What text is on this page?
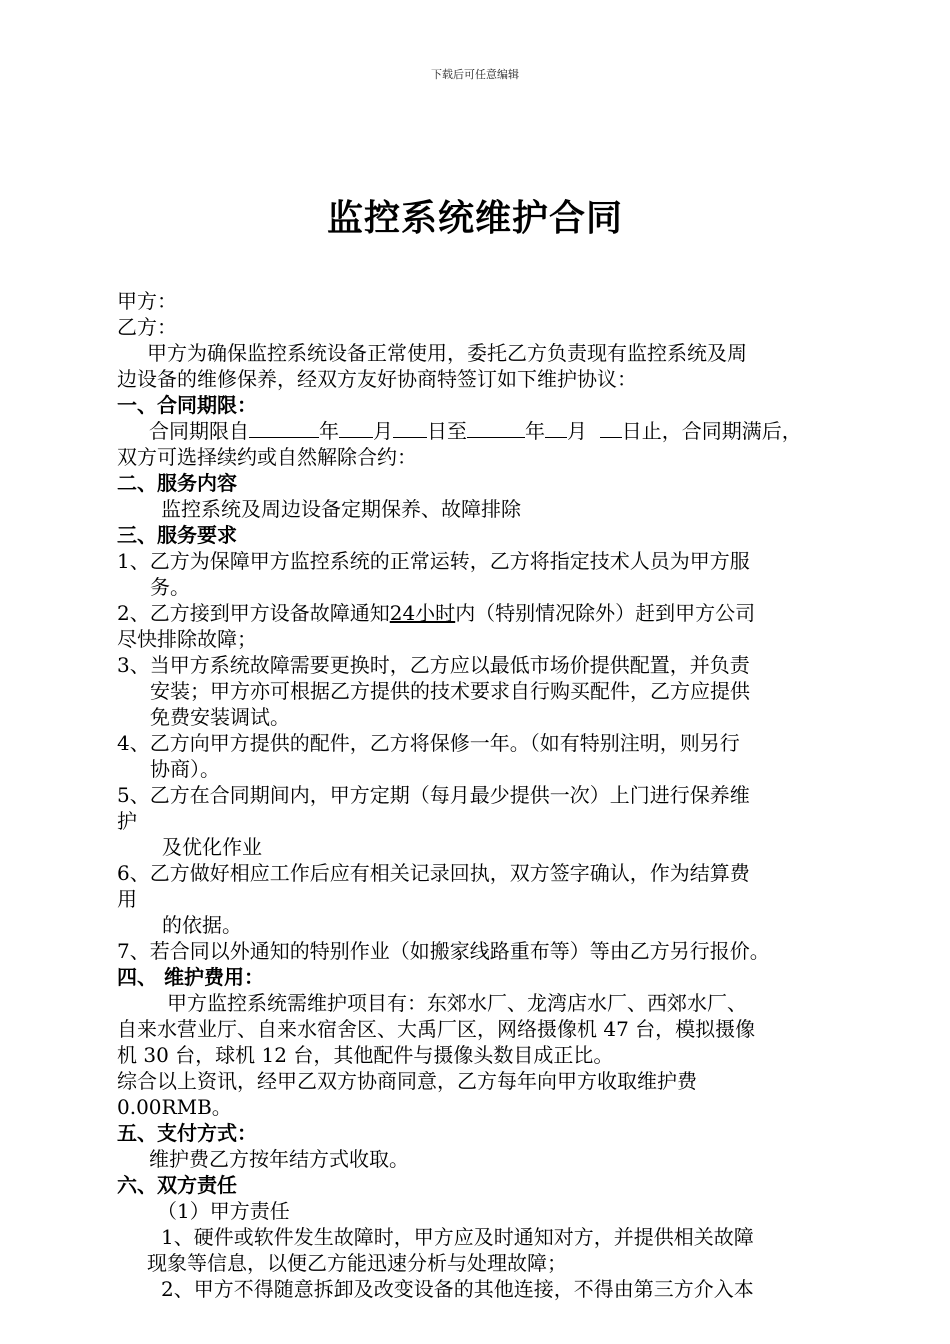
下载后可任意编辑
监控系统维护合同
甲方：
乙方：
甲方为确保监控系统设备正常使用，委托乙方负责现有监控系统及周
边设备的维修保养，经双方友好协商特签订如下维护协议：
一、合同期限：
合同期限自	年 月 日至	年 月 日止，合同期满后，
双方可选择续约或自然解除合约：
二、服务内容
监控系统及周边设备定期保养、故障排除
三、服务要求
1、乙方为保障甲方监控系统的正常运转，乙方将指定技术人员为甲方服
务。
2、乙方接到甲方设备故障通知24小时内（特别情况除外）赶到甲方公司
尽快排除故障；
3、当甲方系统故障需要更换时，乙方应以最低市场价提供配置，并负责
安装；甲方亦可根据乙方提供的技术要求自行购买配件，乙方应提供
免费安装调试。
4、乙方向甲方提供的配件，乙方将保修一年。（如有特别注明，则另行
协商）。
5、乙方在合同期间内，甲方定期（每月最少提供一次）上门进行保养维
护
及优化作业
6、乙方做好相应工作后应有相关记录回执，双方签字确认，作为结算费
用
的依据。
7、若合同以外通知的特别作业（如搬家线路重布等）等由乙方另行报价。
四、 维护费用：
甲方监控系统需维护项目有：东郊水厂、龙湾店水厂、西郊水厂、
自来水营业厅、自来水宿舍区、大禹厂区，网络摄像机 47 台，模拟摄像
机 30 台，球机 12 台，其他配件与摄像头数目成正比。
综合以上资讯，经甲乙双方协商同意，乙方每年向甲方收取维护费
0.00RMB。
五、支付方式：
维护费乙方按年结方式收取。
六、双方责任
（1）甲方责任
1、硬件或软件发生故障时，甲方应及时通知对方，并提供相关故障
现象等信息，以便乙方能迅速分析与处理故障；
2、甲方不得随意拆卸及改变设备的其他连接，不得由第三方介入本
